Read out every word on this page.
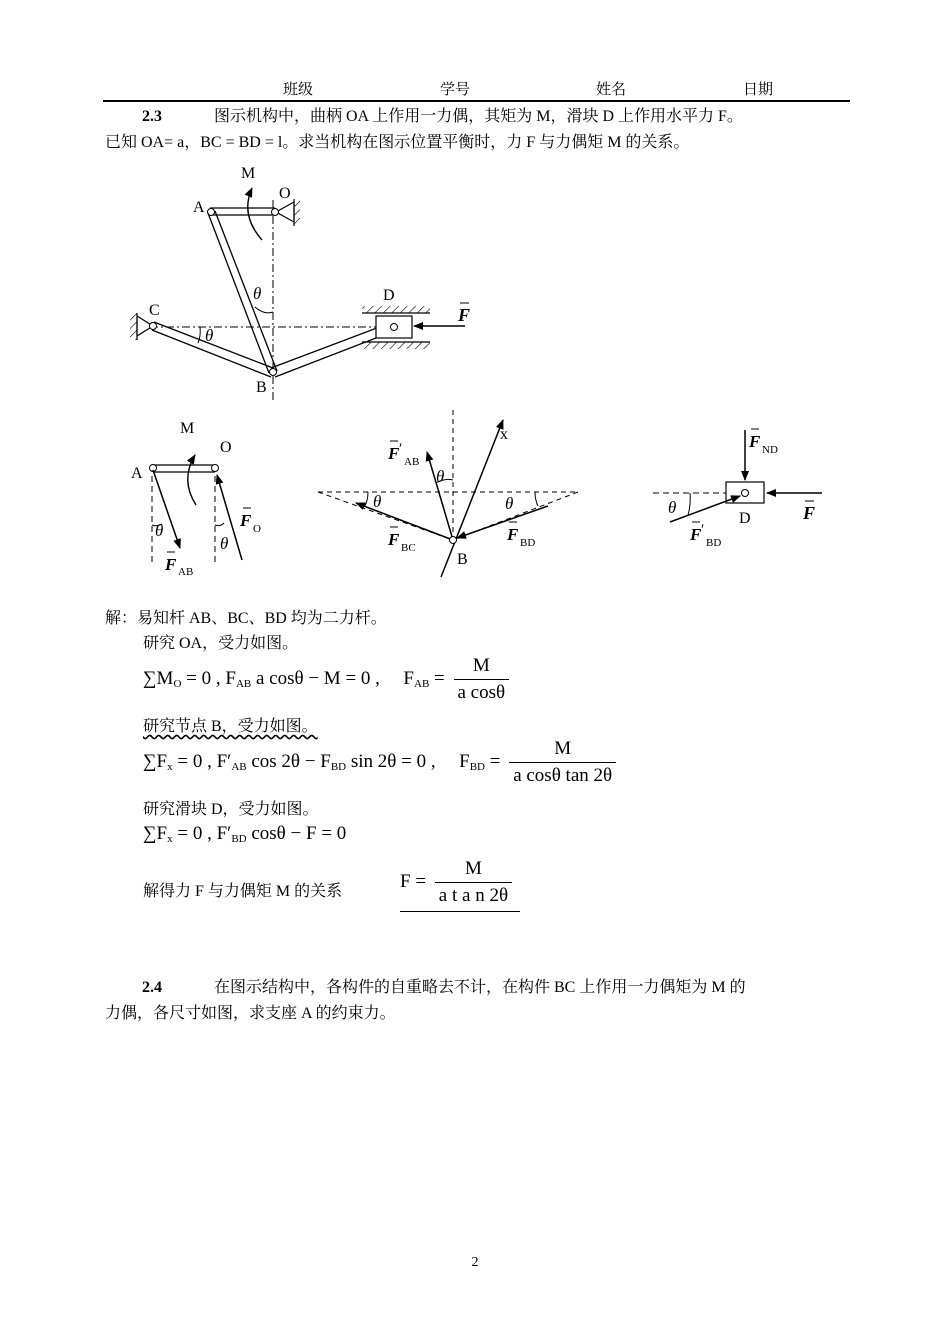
班级	学号	姓名	日期
2.3	图示机构中，曲柄 OA 上作用一力偶，其矩为 M，滑块 D 上作用水平力 F。
已知 OA= a，BC = BD = l。求当机构在图示位置平衡时，力 F 与力偶矩 M 的关系。
M
O
A
θ
C
θ
D
F
B
M
O
A
θ
θ
F O
F AB
x
F ′
AB
θ
θ	θ
F BC
F BD
B
F ND
θ
D	F
F ′
BD
解：易知杆 AB、BC、BD 均为二力杆。
研究 OA，受力如图。
$\sum M_O = 0$ , $F_{AB}$ a cosθ − M = 0 , $F_{AB} = \frac{M}{\text{a cosθ}}$
研究节点 B，受力如图。
$\sum F_x = 0$ , $F'_{AB}$ $\cos 2\theta - F_{BD}$ sin 2θ = 0 , $F_{BD} = \frac{M}{\text{a cosθ tan 2θ}}$
研究滑块 D，受力如图。
$\sum F_x = 0$ , $F'_{BD}$ cosθ − F = 0
解得力 F 与力偶矩 M 的关系	$F = \frac{M}{\text{a t a n 2θ}}$
2.4	在图示结构中，各构件的自重略去不计，在构件 BC 上作用一力偶矩为 M 的
力偶，各尺寸如图，求支座 A 的约束力。
2
